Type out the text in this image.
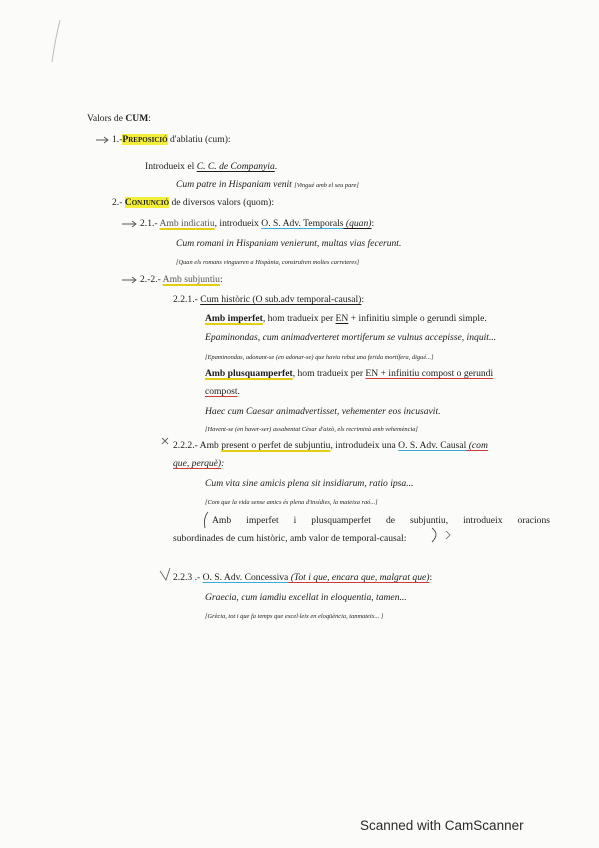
Valors de CUM:
1.-Preposició d'ablatiu (cum):
Introdueix el C. C. de Companyia.
Cum patre in Hispaniam venit [Vingué amb el seu pare]
2.- Conjunció de diversos valors (quom):
2.1.- Amb indicatiu, introdueix O. S. Adv. Temporals (quan):
Cum romani in Hispaniam venierunt, multas vias fecerunt.
[Quan els romans vingueren a Hispània, construïren moltes carreteres]
2.-2.- Amb subjuntiu:
2.2.1.- Cum històric (O sub.adv temporal-causal):
Amb imperfet, hom tradueix per EN + infinitiu simple o gerundi simple.
Epaminondas, cum animadverteret mortiferum se vulnus accepisse, inquit...
[Epaminondas, adonant-se (en adonar-se) que havia rebut una ferida mortífera, digué...]
Amb plusquamperfet, hom tradueix per EN + infinitiu compost o gerundi
compost.
Haec cum Caesar animadvertisset, vehementer eos incusavit.
[Havent-se (en haver-ser) assabentat Cèsar d'això, els recriminà amb vehemència]
2.2.2.- Amb present o perfet de subjuntiu, introdudeix una O. S. Adv. Causal (com
que, perquè):
Cum vita sine amicis plena sit insidiarum, ratio ipsa...
[Com que la vida sense amics és plena d'insídies, la mateixa raó...]
Amb imperfet i plusquamperfet de subjuntiu, introdueix oracions
subordinades de cum històric, amb valor de temporal-causal:
2.2.3 .- O. S. Adv. Concessiva (Tot i que, encara que, malgrat que):
Graecia, cum iamdiu excellat in eloquentia, tamen...
[Grècia, tot i que fa temps que excel·leix en eloqüència, tanmateix... ]
Scanned with CamScanner
